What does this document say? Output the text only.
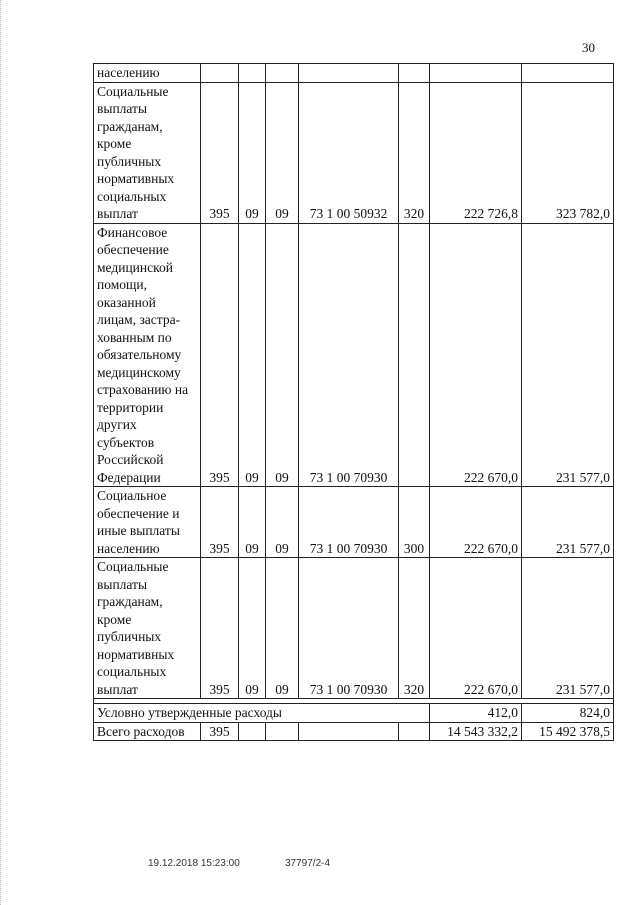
30
населению							
Социальные выплаты гражданам, кроме публичных нормативных социальных выплат	395	09	09	73 1 00 50932	320	222 726,8	323 782,0
Финансовое обеспечение медицинской помощи, оказанной лицам, застра-хованным по обязательному медицинскому страхованию на территории других субъектов Российской Федерации	395	09	09	73 1 00 70930		222 670,0	231 577,0
Социальное обеспечение и иные выплаты населению	395	09	09	73 1 00 70930	300	222 670,0	231 577,0
Социальные выплаты гражданам, кроме публичных нормативных социальных выплат	395	09	09	73 1 00 70930	320	222 670,0	231 577,0

Условно утвержденные расходы						412,0	824,0
Всего расходов	395					14 543 332,2	15 492 378,5
19.12.2018 15:23:00	37797/2-4
